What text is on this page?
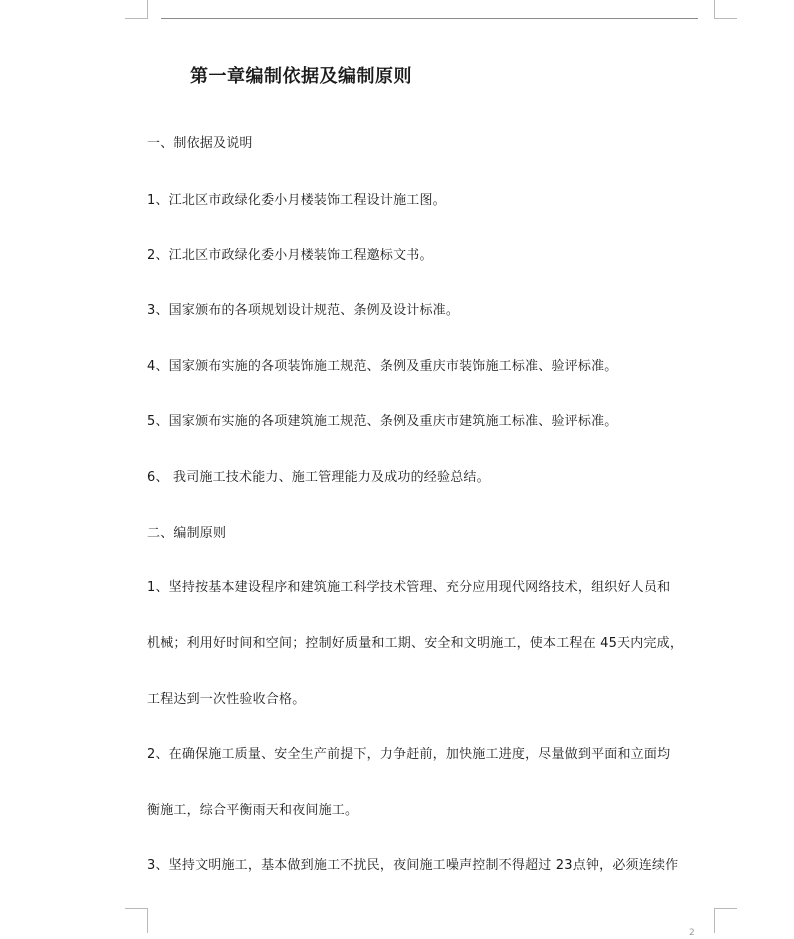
第一章编制依据及编制原则
一、制依据及说明
1、江北区市政绿化委小月楼装饰工程设计施工图。
2、江北区市政绿化委小月楼装饰工程邀标文书。
3、国家颁布的各项规划设计规范、条例及设计标准。
4、国家颁布实施的各项装饰施工规范、条例及重庆市装饰施工标准、验评标准。
5、国家颁布实施的各项建筑施工规范、条例及重庆市建筑施工标准、验评标准。
6、 我司施工技术能力、施工管理能力及成功的经验总结。
二、编制原则
1、坚持按基本建设程序和建筑施工科学技术管理、充分应用现代网络技术，组织好人员和
机械；利用好时间和空间；控制好质量和工期、安全和文明施工，使本工程在 45天内完成，
工程达到一次性验收合格。
2、在确保施工质量、安全生产前提下，力争赶前，加快施工进度，尽量做到平面和立面均
衡施工，综合平衡雨天和夜间施工。
3、坚持文明施工，基本做到施工不扰民，夜间施工噪声控制不得超过 23点钟，必须连续作
2
